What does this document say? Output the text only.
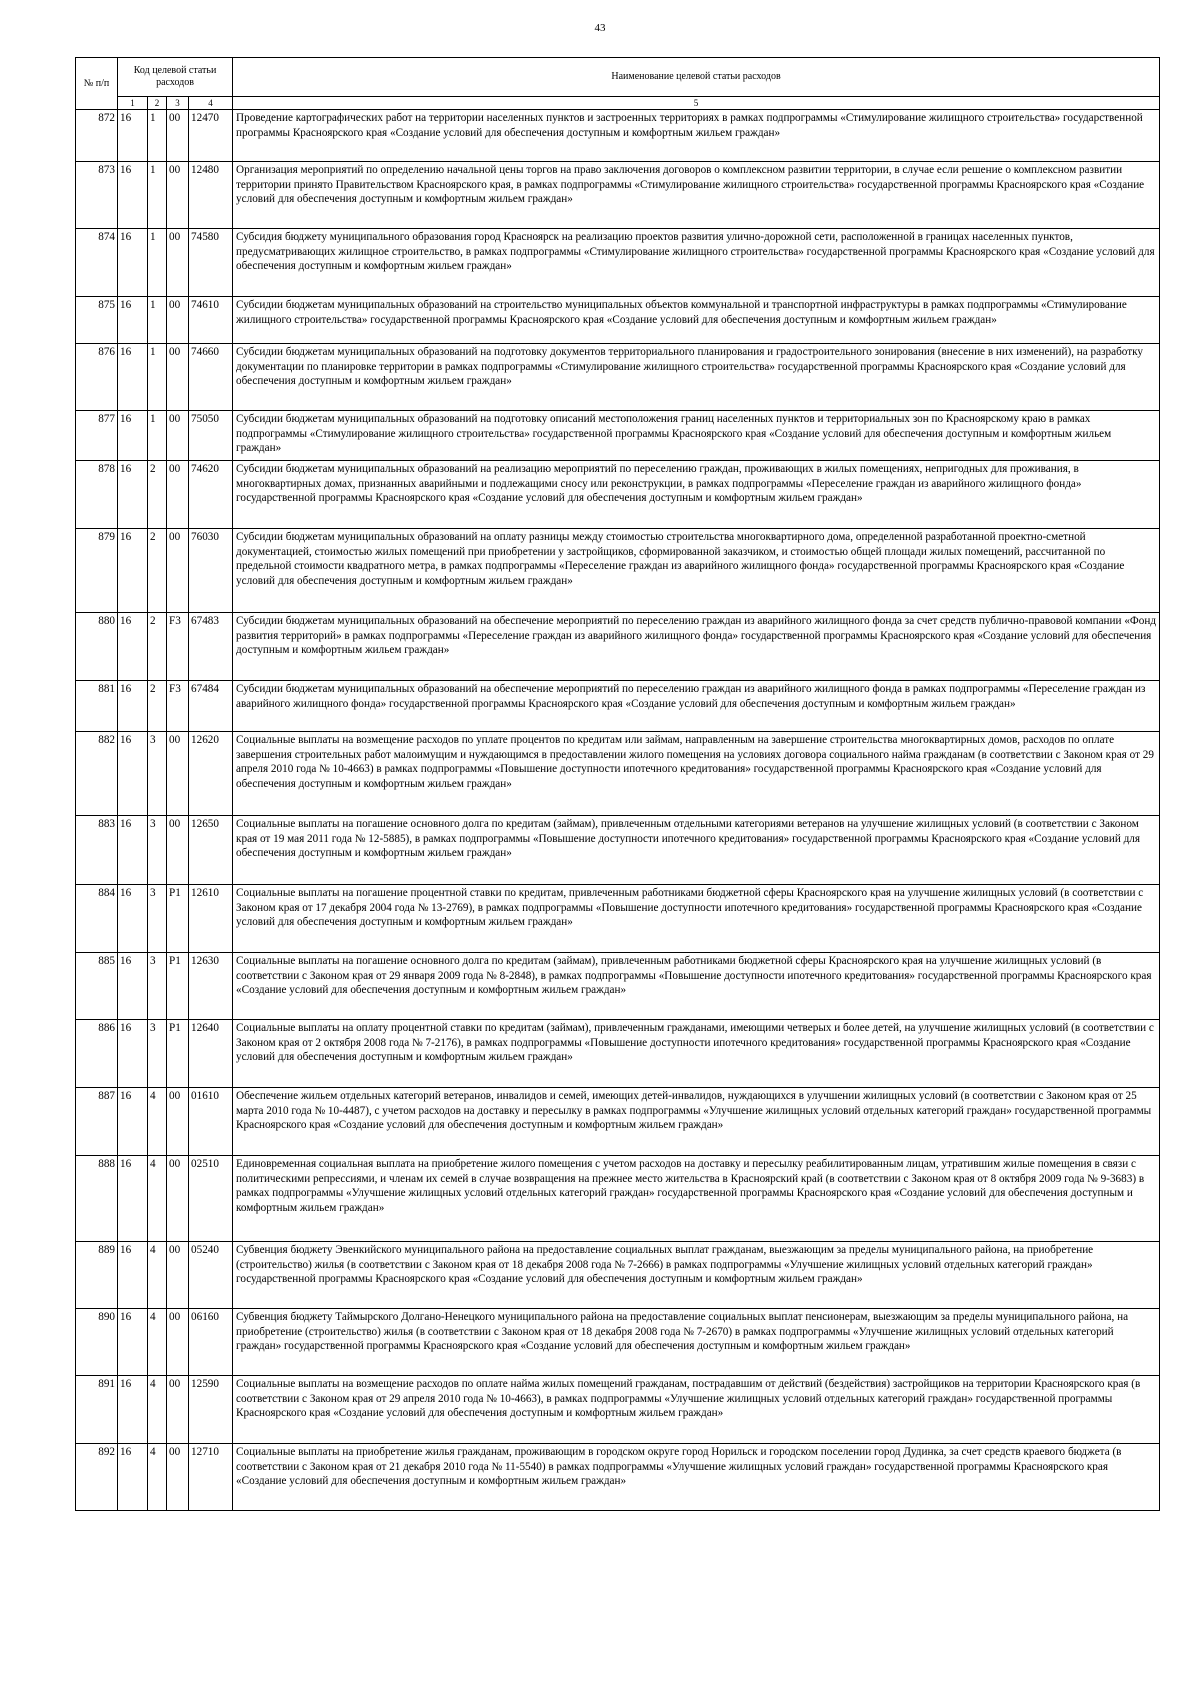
43
№ п/п	Код целевой статьи расходов				Наименование целевой статьи расходов
	1	2	3	4	5
872	16	1	00	12470	Проведение картографических работ на территории населенных пунктов и застроенных территориях в рамках подпрограммы «Стимулирование жилищного строительства» государственной программы Красноярского края «Создание условий для обеспечения доступным и комфортным жильем граждан»
873	16	1	00	12480	Организация мероприятий по определению начальной цены торгов на право заключения договоров о комплексном развитии территории, в случае если решение о комплексном развитии территории принято Правительством Красноярского края, в рамках подпрограммы «Стимулирование жилищного строительства» государственной программы Красноярского края «Создание условий для обеспечения доступным и комфортным жильем граждан»
874	16	1	00	74580	Субсидия бюджету муниципального образования город Красноярск на реализацию проектов развития улично-дорожной сети, расположенной в границах населенных пунктов, предусматривающих жилищное строительство, в рамках подпрограммы «Стимулирование жилищного строительства» государственной программы Красноярского края «Создание условий для обеспечения доступным и комфортным жильем граждан»
875	16	1	00	74610	Субсидии бюджетам муниципальных образований на строительство муниципальных объектов коммунальной и транспортной инфраструктуры в рамках подпрограммы «Стимулирование жилищного строительства» государственной программы Красноярского края «Создание условий для обеспечения доступным и комфортным жильем граждан»
876	16	1	00	74660	Субсидии бюджетам муниципальных образований на подготовку документов территориального планирования и градостроительного зонирования (внесение в них изменений), на разработку документации по планировке территории в рамках подпрограммы «Стимулирование жилищного строительства» государственной программы Красноярского края «Создание условий для обеспечения доступным и комфортным жильем граждан»
877	16	1	00	75050	Субсидии бюджетам муниципальных образований на подготовку описаний местоположения границ населенных пунктов и территориальных зон по Красноярскому краю в рамках подпрограммы «Стимулирование жилищного строительства» государственной программы Красноярского края «Создание условий для обеспечения доступным и комфортным жильем граждан»
878	16	2	00	74620	Субсидии бюджетам муниципальных образований на реализацию мероприятий по переселению граждан, проживающих в жилых помещениях, непригодных для проживания, в многоквартирных домах, признанных аварийными и подлежащими сносу или реконструкции, в рамках подпрограммы «Переселение граждан из аварийного жилищного фонда» государственной программы Красноярского края «Создание условий для обеспечения доступным и комфортным жильем граждан»
879	16	2	00	76030	Субсидии бюджетам муниципальных образований на оплату разницы между стоимостью строительства многоквартирного дома, определенной разработанной проектно-сметной документацией, стоимостью жилых помещений при приобретении у застройщиков, сформированной заказчиком, и стоимостью общей площади жилых помещений, рассчитанной по предельной стоимости квадратного метра, в рамках подпрограммы «Переселение граждан из аварийного жилищного фонда» государственной программы Красноярского края «Создание условий для обеспечения доступным и комфортным жильем граждан»
880	16	2	F3	67483	Субсидии бюджетам муниципальных образований на обеспечение мероприятий по переселению граждан из аварийного жилищного фонда за счет средств публично-правовой компании «Фонд развития территорий» в рамках подпрограммы «Переселение граждан из аварийного жилищного фонда» государственной программы Красноярского края «Создание условий для обеспечения доступным и комфортным жильем граждан»
881	16	2	F3	67484	Субсидии бюджетам муниципальных образований на обеспечение мероприятий по переселению граждан из аварийного жилищного фонда в рамках подпрограммы «Переселение граждан из аварийного жилищного фонда» государственной программы Красноярского края «Создание условий для обеспечения доступным и комфортным жильем граждан»
882	16	3	00	12620	Социальные выплаты на возмещение расходов по уплате процентов по кредитам или займам, направленным на завершение строительства многоквартирных домов, расходов по оплате завершения строительных работ малоимущим и нуждающимся в предоставлении жилого помещения на условиях договора социального найма гражданам (в соответствии с Законом края от 29 апреля 2010 года № 10-4663) в рамках подпрограммы «Повышение доступности ипотечного кредитования» государственной программы Красноярского края «Создание условий для обеспечения доступным и комфортным жильем граждан»
883	16	3	00	12650	Социальные выплаты на погашение основного долга по кредитам (займам), привлеченным отдельными категориями ветеранов на улучшение жилищных условий (в соответствии с Законом края от 19 мая 2011 года № 12-5885), в рамках подпрограммы «Повышение доступности ипотечного кредитования» государственной программы Красноярского края «Создание условий для обеспечения доступным и комфортным жильем граждан»
884	16	3	P1	12610	Социальные выплаты на погашение процентной ставки по кредитам, привлеченным работниками бюджетной сферы Красноярского края на улучшение жилищных условий (в соответствии с Законом края от 17 декабря 2004 года № 13-2769), в рамках подпрограммы «Повышение доступности ипотечного кредитования» государственной программы Красноярского края «Создание условий для обеспечения доступным и комфортным жильем граждан»
885	16	3	P1	12630	Социальные выплаты на погашение основного долга по кредитам (займам), привлеченным работниками бюджетной сферы Красноярского края на улучшение жилищных условий (в соответствии с Законом края от 29 января 2009 года № 8-2848), в рамках подпрограммы «Повышение доступности ипотечного кредитования» государственной программы Красноярского края «Создание условий для обеспечения доступным и комфортным жильем граждан»
886	16	3	P1	12640	Социальные выплаты на оплату процентной ставки по кредитам (займам), привлеченным гражданами, имеющими четверых и более детей, на улучшение жилищных условий (в соответствии с Законом края от 2 октября 2008 года № 7-2176), в рамках подпрограммы «Повышение доступности ипотечного кредитования» государственной программы Красноярского края «Создание условий для обеспечения доступным и комфортным жильем граждан»
887	16	4	00	01610	Обеспечение жильем отдельных категорий ветеранов, инвалидов и семей, имеющих детей-инвалидов, нуждающихся в улучшении жилищных условий (в соответствии с Законом края от 25 марта 2010 года № 10-4487), с учетом расходов на доставку и пересылку в рамках подпрограммы «Улучшение жилищных условий отдельных категорий граждан» государственной программы Красноярского края «Создание условий для обеспечения доступным и комфортным жильем граждан»
888	16	4	00	02510	Единовременная социальная выплата на приобретение жилого помещения с учетом расходов на доставку и пересылку реабилитированным лицам, утратившим жилые помещения в связи с политическими репрессиями, и членам их семей в случае возвращения на прежнее место жительства в Красноярский край (в соответствии с Законом края от 8 октября 2009 года № 9-3683) в рамках подпрограммы «Улучшение жилищных условий отдельных категорий граждан» государственной программы Красноярского края «Создание условий для обеспечения доступным и комфортным жильем граждан»
889	16	4	00	05240	Субвенция бюджету Эвенкийского муниципального района на предоставление социальных выплат гражданам, выезжающим за пределы муниципального района, на приобретение (строительство) жилья (в соответствии с Законом края от 18 декабря 2008 года № 7-2666) в рамках подпрограммы «Улучшение жилищных условий отдельных категорий граждан» государственной программы Красноярского края «Создание условий для обеспечения доступным и комфортным жильем граждан»
890	16	4	00	06160	Субвенция бюджету Таймырского Долгано-Ненецкого муниципального района на предоставление социальных выплат пенсионерам, выезжающим за пределы муниципального района, на приобретение (строительство) жилья (в соответствии с Законом края от 18 декабря 2008 года № 7-2670) в рамках подпрограммы «Улучшение жилищных условий отдельных категорий граждан» государственной программы Красноярского края «Создание условий для обеспечения доступным и комфортным жильем граждан»
891	16	4	00	12590	Социальные выплаты на возмещение расходов по оплате найма жилых помещений гражданам, пострадавшим от действий (бездействия) застройщиков на территории Красноярского края (в соответствии с Законом края от 29 апреля 2010 года № 10-4663), в рамках подпрограммы «Улучшение жилищных условий отдельных категорий граждан» государственной программы Красноярского края «Создание условий для обеспечения доступным и комфортным жильем граждан»
892	16	4	00	12710	Социальные выплаты на приобретение жилья гражданам, проживающим в городском округе город Норильск и городском поселении город Дудинка, за счет средств краевого бюджета (в соответствии с Законом края от 21 декабря 2010 года № 11-5540) в рамках подпрограммы «Улучшение жилищных условий граждан» государственной программы Красноярского края «Создание условий для обеспечения доступным и комфортным жильем граждан»
